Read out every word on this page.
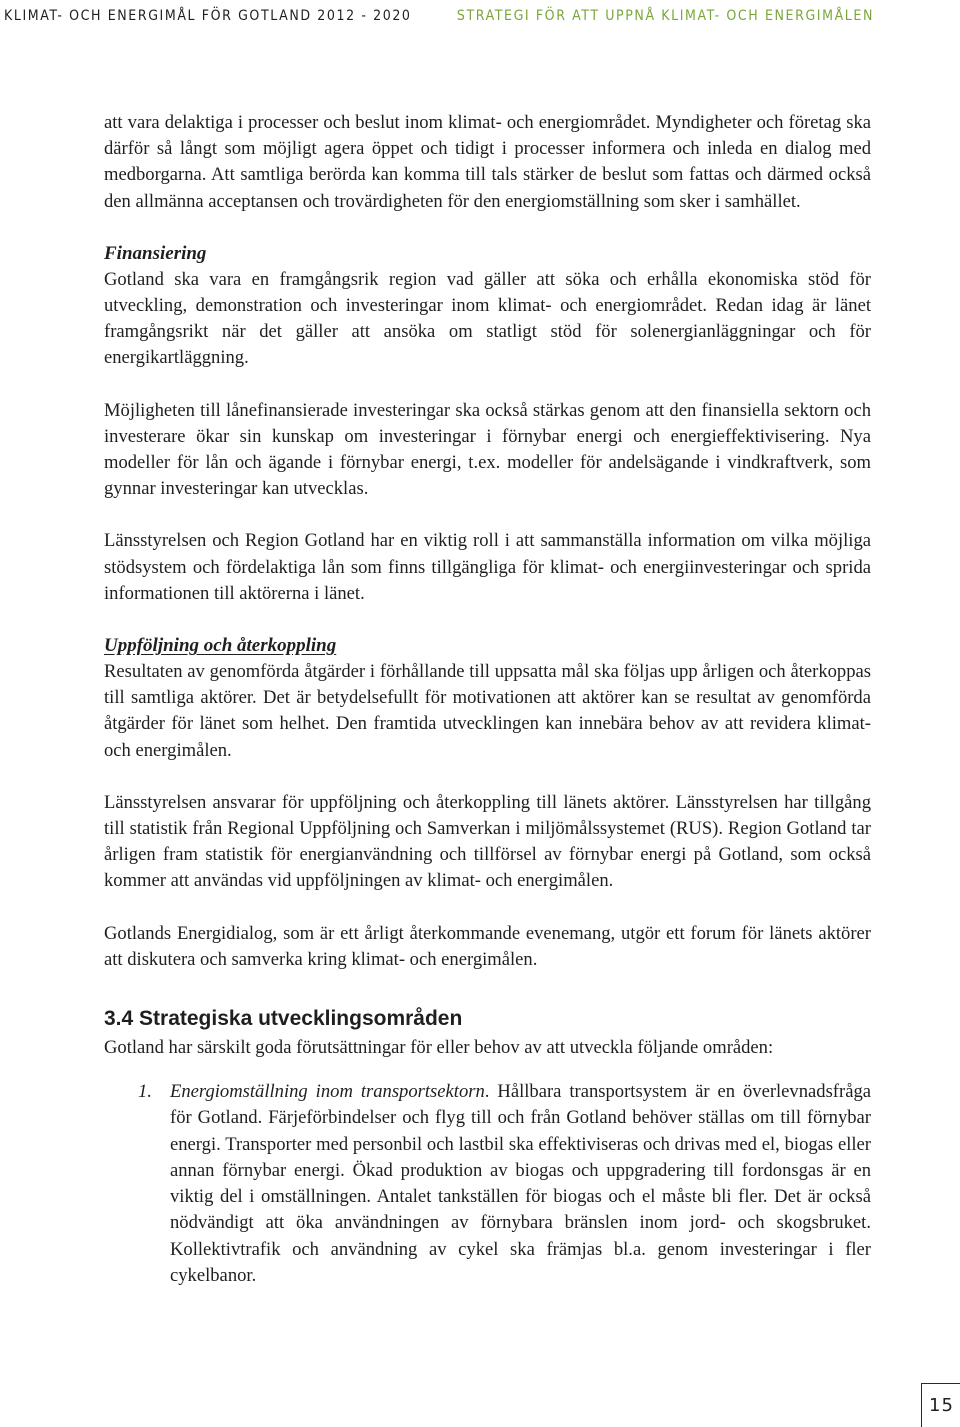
KLIMAT- OCH ENERGIMÅL FÖR GOTLAND 2012 - 2020	STRATEGI FÖR ATT UPPNÅ KLIMAT- OCH ENERGIMÅLEN

att vara delaktiga i processer och beslut inom klimat- och energiområdet. Myndigheter och företag ska därför så långt som möjligt agera öppet och tidigt i processer informera och inleda en dialog med medborgarna. Att samtliga berörda kan komma till tals stärker de beslut som fattas och därmed också den allmänna acceptansen och trovärdigheten för den energiomställning som sker i samhället.

Finansiering

Gotland ska vara en framgångsrik region vad gäller att söka och erhålla ekonomiska stöd för utveckling, demonstration och investeringar inom klimat- och energiområdet. Redan idag är länet framgångsrikt när det gäller att ansöka om statligt stöd för solenergianläggningar och för energikartläggning.

Möjligheten till lånefinansierade investeringar ska också stärkas genom att den finansiella sektorn och investerare ökar sin kunskap om investeringar i förnybar energi och energieffektivisering. Nya modeller för lån och ägande i förnybar energi, t.ex. modeller för andelsägande i vindkraftverk, som gynnar investeringar kan utvecklas.

Länsstyrelsen och Region Gotland har en viktig roll i att sammanställa information om vilka möjliga stödsystem och fördelaktiga lån som finns tillgängliga för klimat- och energiinvesteringar och sprida informationen till aktörerna i länet.

Uppföljning och återkoppling

Resultaten av genomförda åtgärder i förhållande till uppsatta mål ska följas upp årligen och återkoppas till samtliga aktörer. Det är betydelsefullt för motivationen att aktörer kan se resultat av genomförda åtgärder för länet som helhet. Den framtida utvecklingen kan innebära behov av att revidera klimat- och energimålen.

Länsstyrelsen ansvarar för uppföljning och återkoppling till länets aktörer. Länsstyrelsen har tillgång till statistik från Regional Uppföljning och Samverkan i miljömålssystemet (RUS). Region Gotland tar årligen fram statistik för energianvändning och tillförsel av förnybar energi på Gotland, som också kommer att användas vid uppföljningen av klimat- och energimålen.

Gotlands Energidialog, som är ett årligt återkommande evenemang, utgör ett forum för länets aktörer att diskutera och samverka kring klimat- och energimålen.

3.4 Strategiska utvecklingsområden

Gotland har särskilt goda förutsättningar för eller behov av att utveckla följande områden:

1. Energiomställning inom transportsektorn. Hållbara transportsystem är en överlevnadsfråga för Gotland. Färjeförbindelser och flyg till och från Gotland behöver ställas om till förnybar energi. Transporter med personbil och lastbil ska effektiviseras och drivas med el, biogas eller annan förnybar energi. Ökad produktion av biogas och uppgradering till fordonsgas är en viktig del i omställningen. Antalet tankställen för biogas och el måste bli fler. Det är också nödvändigt att öka användningen av förnybara bränslen inom jord- och skogsbruket. Kollektivtrafik och användning av cykel ska främjas bl.a. genom investeringar i fler cykelbanor.
15
